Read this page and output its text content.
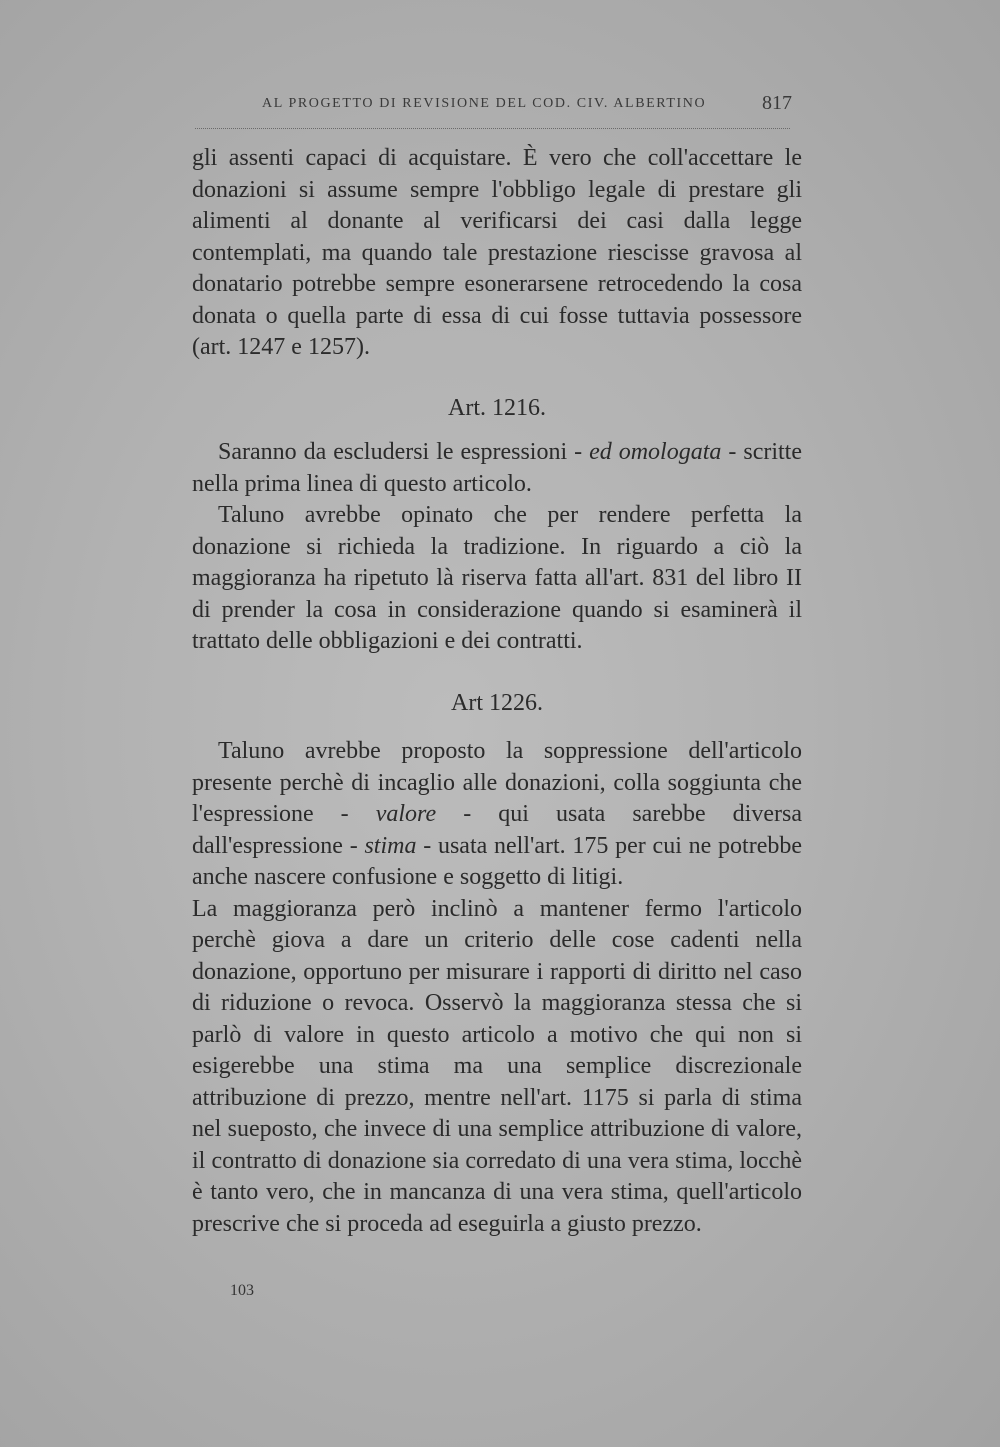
AL PROGETTO DI REVISIONE DEL COD. CIV. ALBERTINO	817

gli assenti capaci di acquistare. È vero che coll'accettare le donazioni si assume sempre l'obbligo legale di prestare gli alimenti al donante al verificarsi dei casi dalla legge contemplati, ma quando tale prestazione riescisse gravosa al donatario potrebbe sempre esonerarsene retrocedendo la cosa donata o quella parte di essa di cui fosse tuttavia possessore (art. 1247 e 1257).

Art. 1216.

Saranno da escludersi le espressioni - ed omologata - scritte nella prima linea di questo articolo.

Taluno avrebbe opinato che per rendere perfetta la donazione si richieda la tradizione. In riguardo a ciò la maggioranza ha ripetuto là riserva fatta all'art. 831 del libro II di prender la cosa in considerazione quando si esaminerà il trattato delle obbligazioni e dei contratti.

Art 1226.

Taluno avrebbe proposto la soppressione dell'articolo presente perchè di incaglio alle donazioni, colla soggiunta che l'espressione - valore - qui usata sarebbe diversa dall'espressione - stima - usata nell'art. 175 per cui ne potrebbe anche nascere confusione e soggetto di litigi.

La maggioranza però inclinò a mantener fermo l'articolo perchè giova a dare un criterio delle cose cadenti nella donazione, opportuno per misurare i rapporti di diritto nel caso di riduzione o revoca. Osservò la maggioranza stessa che si parlò di valore in questo articolo a motivo che qui non si esigerebbe una stima ma una semplice discrezionale attribuzione di prezzo, mentre nell'art. 1175 si parla di stima nel sueposto, che invece di una semplice attribuzione di valore, il contratto di donazione sia corredato di una vera stima, locchè è tanto vero, che in mancanza di una vera stima, quell'articolo prescrive che si proceda ad eseguirla a giusto prezzo.

103
